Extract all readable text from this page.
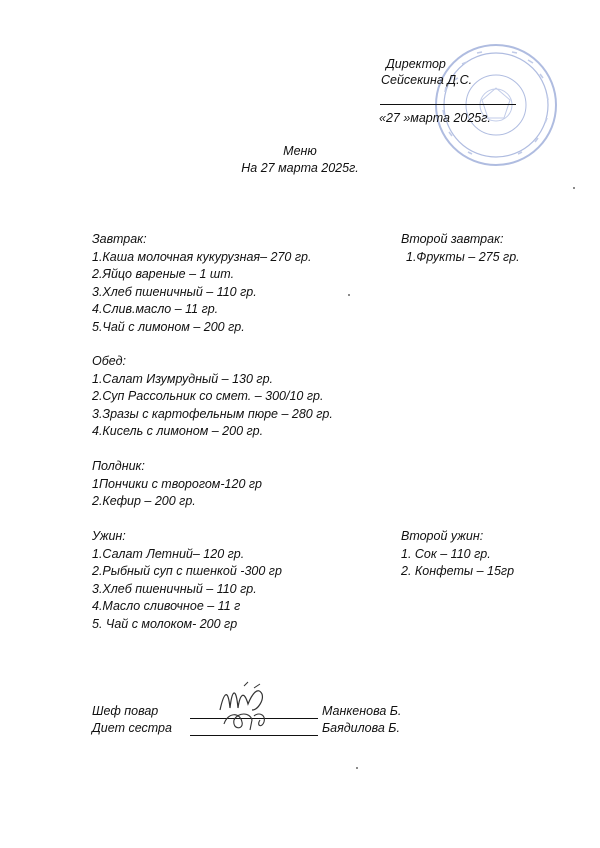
Директор
Сейсекина Д.С.
«27 »марта 2025г.
Меню
На 27 марта 2025г.
Завтрак:
1.Каша молочная кукурузная– 270 гр.
2.Яйцо вареные – 1 шт.
3.Хлеб пшеничный – 110 гр.
4.Слив.масло – 11 гр.
5.Чай с лимоном – 200 гр.
Второй завтрак:
1.Фрукты – 275 гр.
Обед:
1.Салат Изумрудный – 130 гр.
2.Суп Рассольник со смет. – 300/10 гр.
3.Зразы с картофельным пюре – 280 гр.
4.Кисель с лимоном – 200 гр.
Полдник:
1Пончики с творогом-120 гр
2.Кефир – 200 гр.
Ужин:
1.Салат Летний– 120 гр.
2.Рыбный суп с пшенкой -300 гр
3.Хлеб пшеничный – 110 гр.
4.Масло сливочное – 11 г
5. Чай с молоком- 200 гр
Второй ужин:
1. Сок – 110 гр.
2. Конфеты – 15гр
Шеф повар	Манкенова Б.
Диет сестра	Баядилова Б.
